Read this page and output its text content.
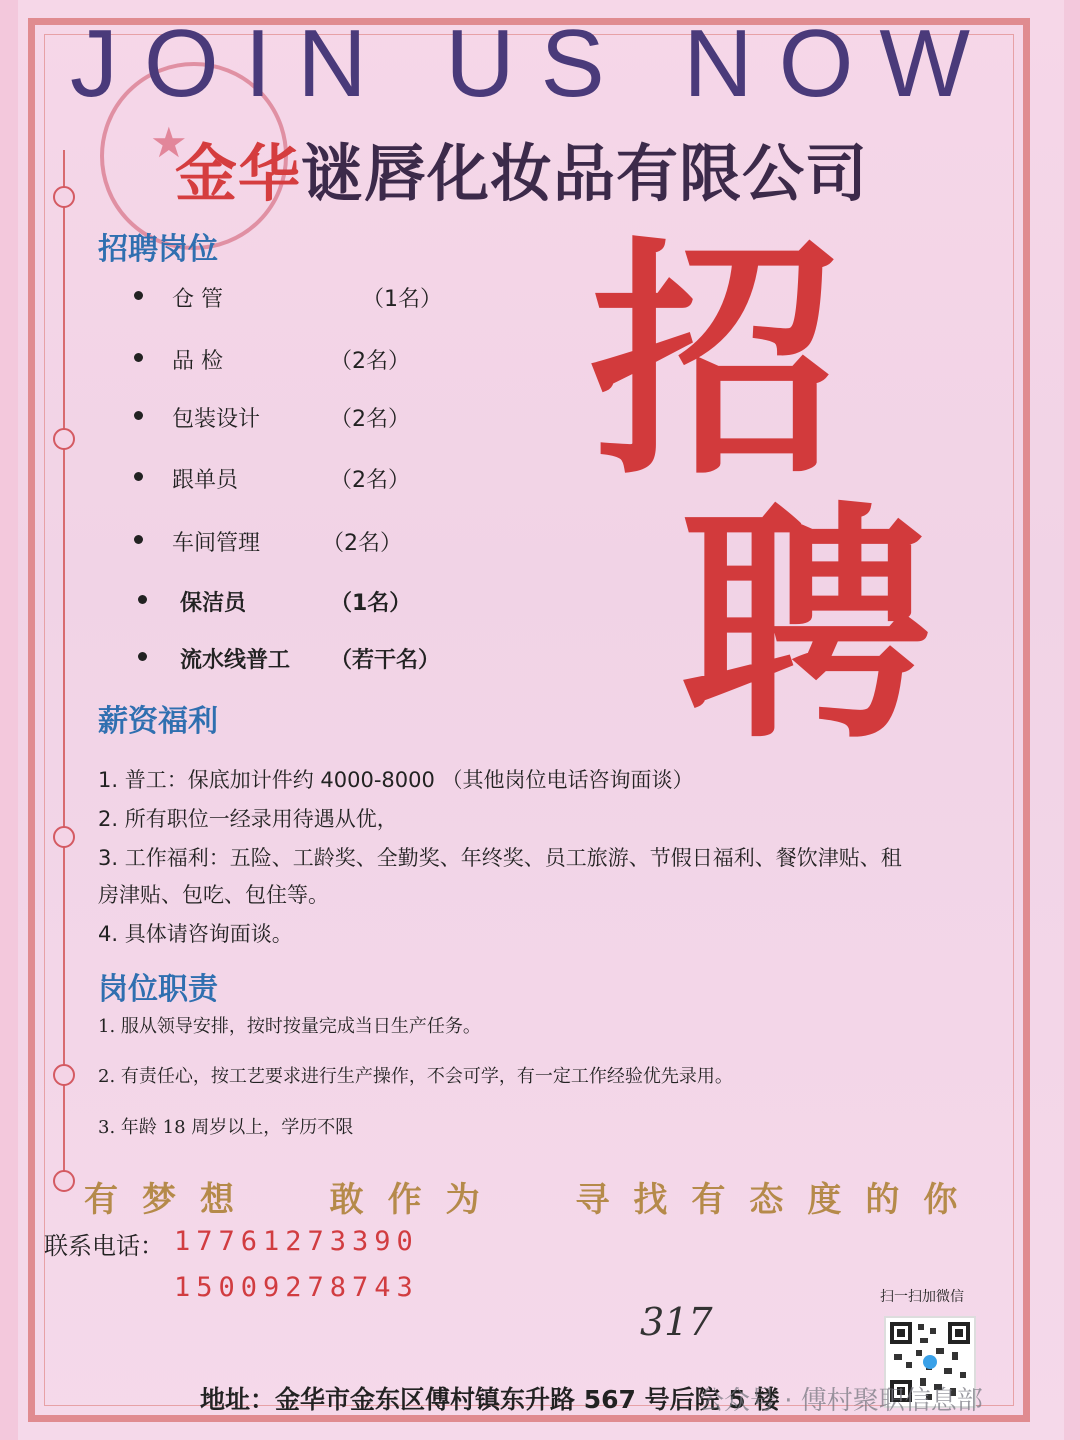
★
JOIN US NOW
金华谜唇化妆品有限公司
招聘岗位
仓 管	（1名）
品 检	（2名）
包装设计	（2名）
跟单员	（2名）
车间管理	（2名）
保洁员	（1名）
流水线普工 （若干名）
招
聘
薪资福利
1. 普工：保底加计件约 4000-8000 （其他岗位电话咨询面谈）
2. 所有职位一经录用待遇从优，
3. 工作福利：五险、工龄奖、全勤奖、年终奖、员工旅游、节假日福利、餐饮津贴、租
房津贴、包吃、包住等。
4. 具体请咨询面谈。
岗位职责
1. 服从领导安排，按时按量完成当日生产任务。
2. 有责任心，按工艺要求进行生产操作，不会可学，有一定工作经验优先录用。
3. 年龄 18 周岁以上，学历不限
有梦想  敢作为  寻找有态度的你
联系电话： 17761273390
15009278743
317
扫一扫加微信
地址：金华市金东区傅村镇东升路 567 号后院 5 楼
公众号 · 傅村聚职信息部
